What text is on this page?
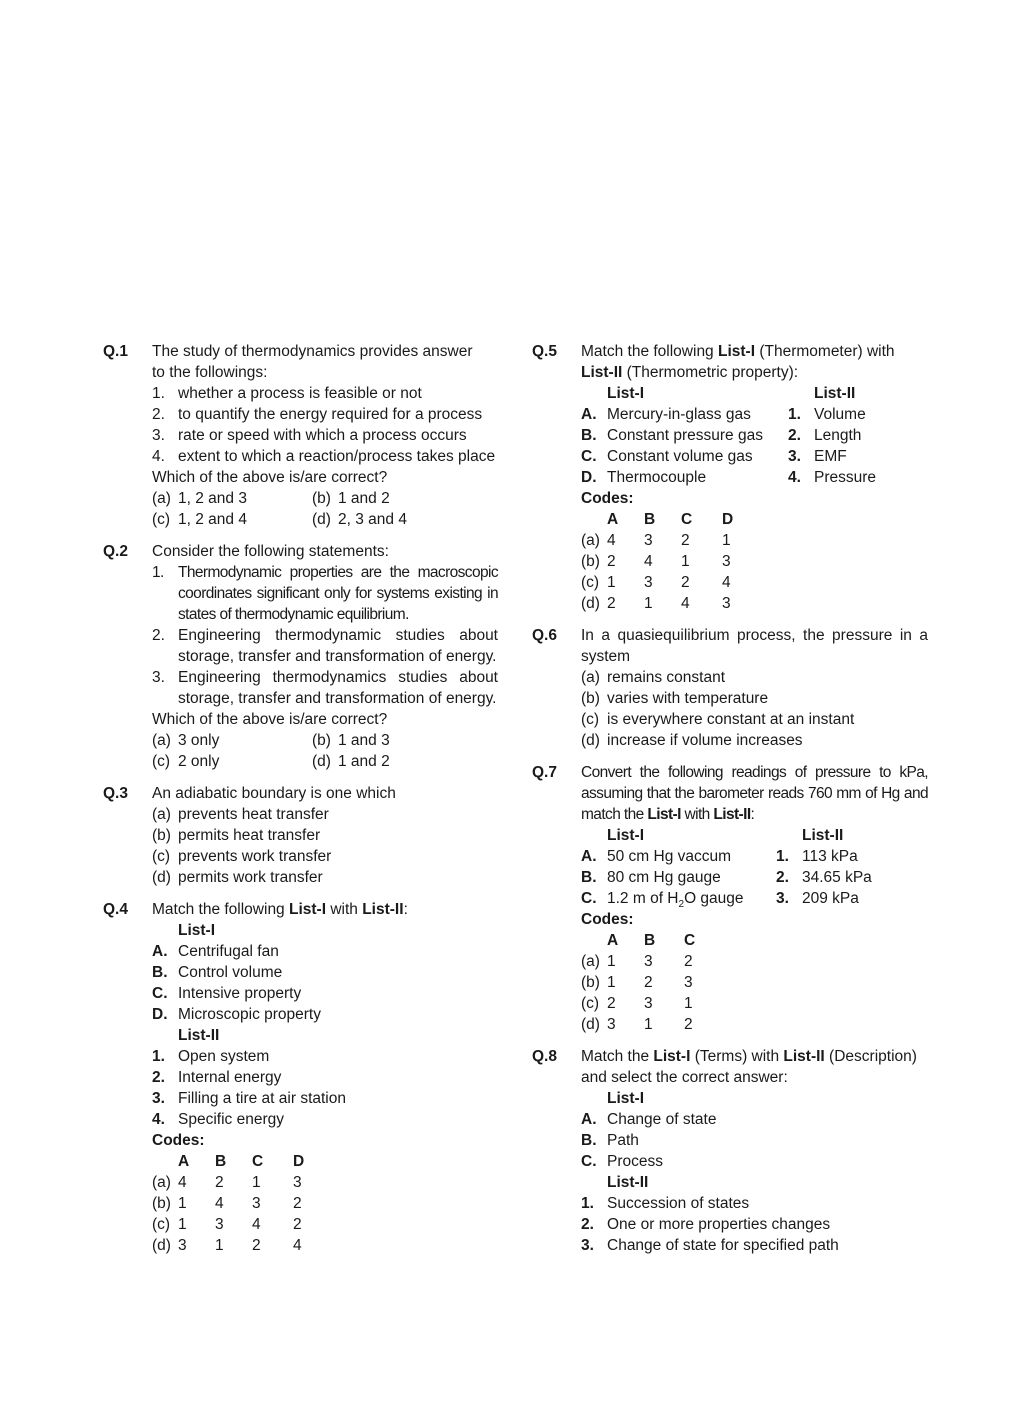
Q.1 The study of thermodynamics provides answer
to the followings:
1. whether a process is feasible or not
2. to quantify the energy required for a process
3. rate or speed with which a process occurs
4. extent to which a reaction/process takes place
Which of the above is/are correct?
(a) 1, 2 and 3	(b) 1 and 2
(c) 1, 2 and 4	(d) 2, 3 and 4
Q.2 Consider the following statements:
1. Thermodynamic properties are the macroscopic coordinates significant only for systems existing in states of thermodynamic equilibrium.
2. Engineering thermodynamic studies about storage, transfer and transformation of energy.
3. Engineering thermodynamics studies about storage, transfer and transformation of energy.
Which of the above is/are correct?
(a) 3 only	(b) 1 and 3
(c) 2 only	(d) 1 and 2
Q.3 An adiabatic boundary is one which
(a) prevents heat transfer
(b) permits heat transfer
(c) prevents work transfer
(d) permits work transfer
Q.4 Match the following List-I with List-II:
List-I
A. Centrifugal fan
B. Control volume
C. Intensive property
D. Microscopic property
List-II
1. Open system
2. Internal energy
3. Filling a tire at air station
4. Specific energy
Codes:
A	B	C	D
(a) 4	2	1	3
(b) 1	4	3	2
(c) 1	3	4	2
(d) 3	1	2	4
Q.5 Match the following List-I (Thermometer) with
List-II (Thermometric property):
List-I	List-II
A. Mercury-in-glass gas	1. Volume
B. Constant pressure gas	2. Length
C. Constant volume gas	3. EMF
D. Thermocouple	4. Pressure
Codes:
A	B	C	D
(a) 4	3	2	1
(b) 2	4	1	3
(c) 1	3	2	4
(d) 2	1	4	3
Q.6 In a quasiequilibrium process, the pressure in a system
(a) remains constant
(b) varies with temperature
(c) is everywhere constant at an instant
(d) increase if volume increases
Q.7 Convert the following readings of pressure to kPa, assuming that the barometer reads 760 mm of Hg and match the List-I with List-II:
List-I	List-II
A. 50 cm Hg vaccum	1. 113 kPa
B. 80 cm Hg gauge	2. 34.65 kPa
C. 1.2 m of $H_2O$ gauge	3. 209 kPa
Codes:
A	B	C
(a) 1	3	2
(b) 1	2	3
(c) 2	3	1
(d) 3	1	2
Q.8 Match the List-I (Terms) with List-II (Description) and select the correct answer:
List-I
A. Change of state
B. Path
C. Process
List-II
1. Succession of states
2. One or more properties changes
3. Change of state for specified path
